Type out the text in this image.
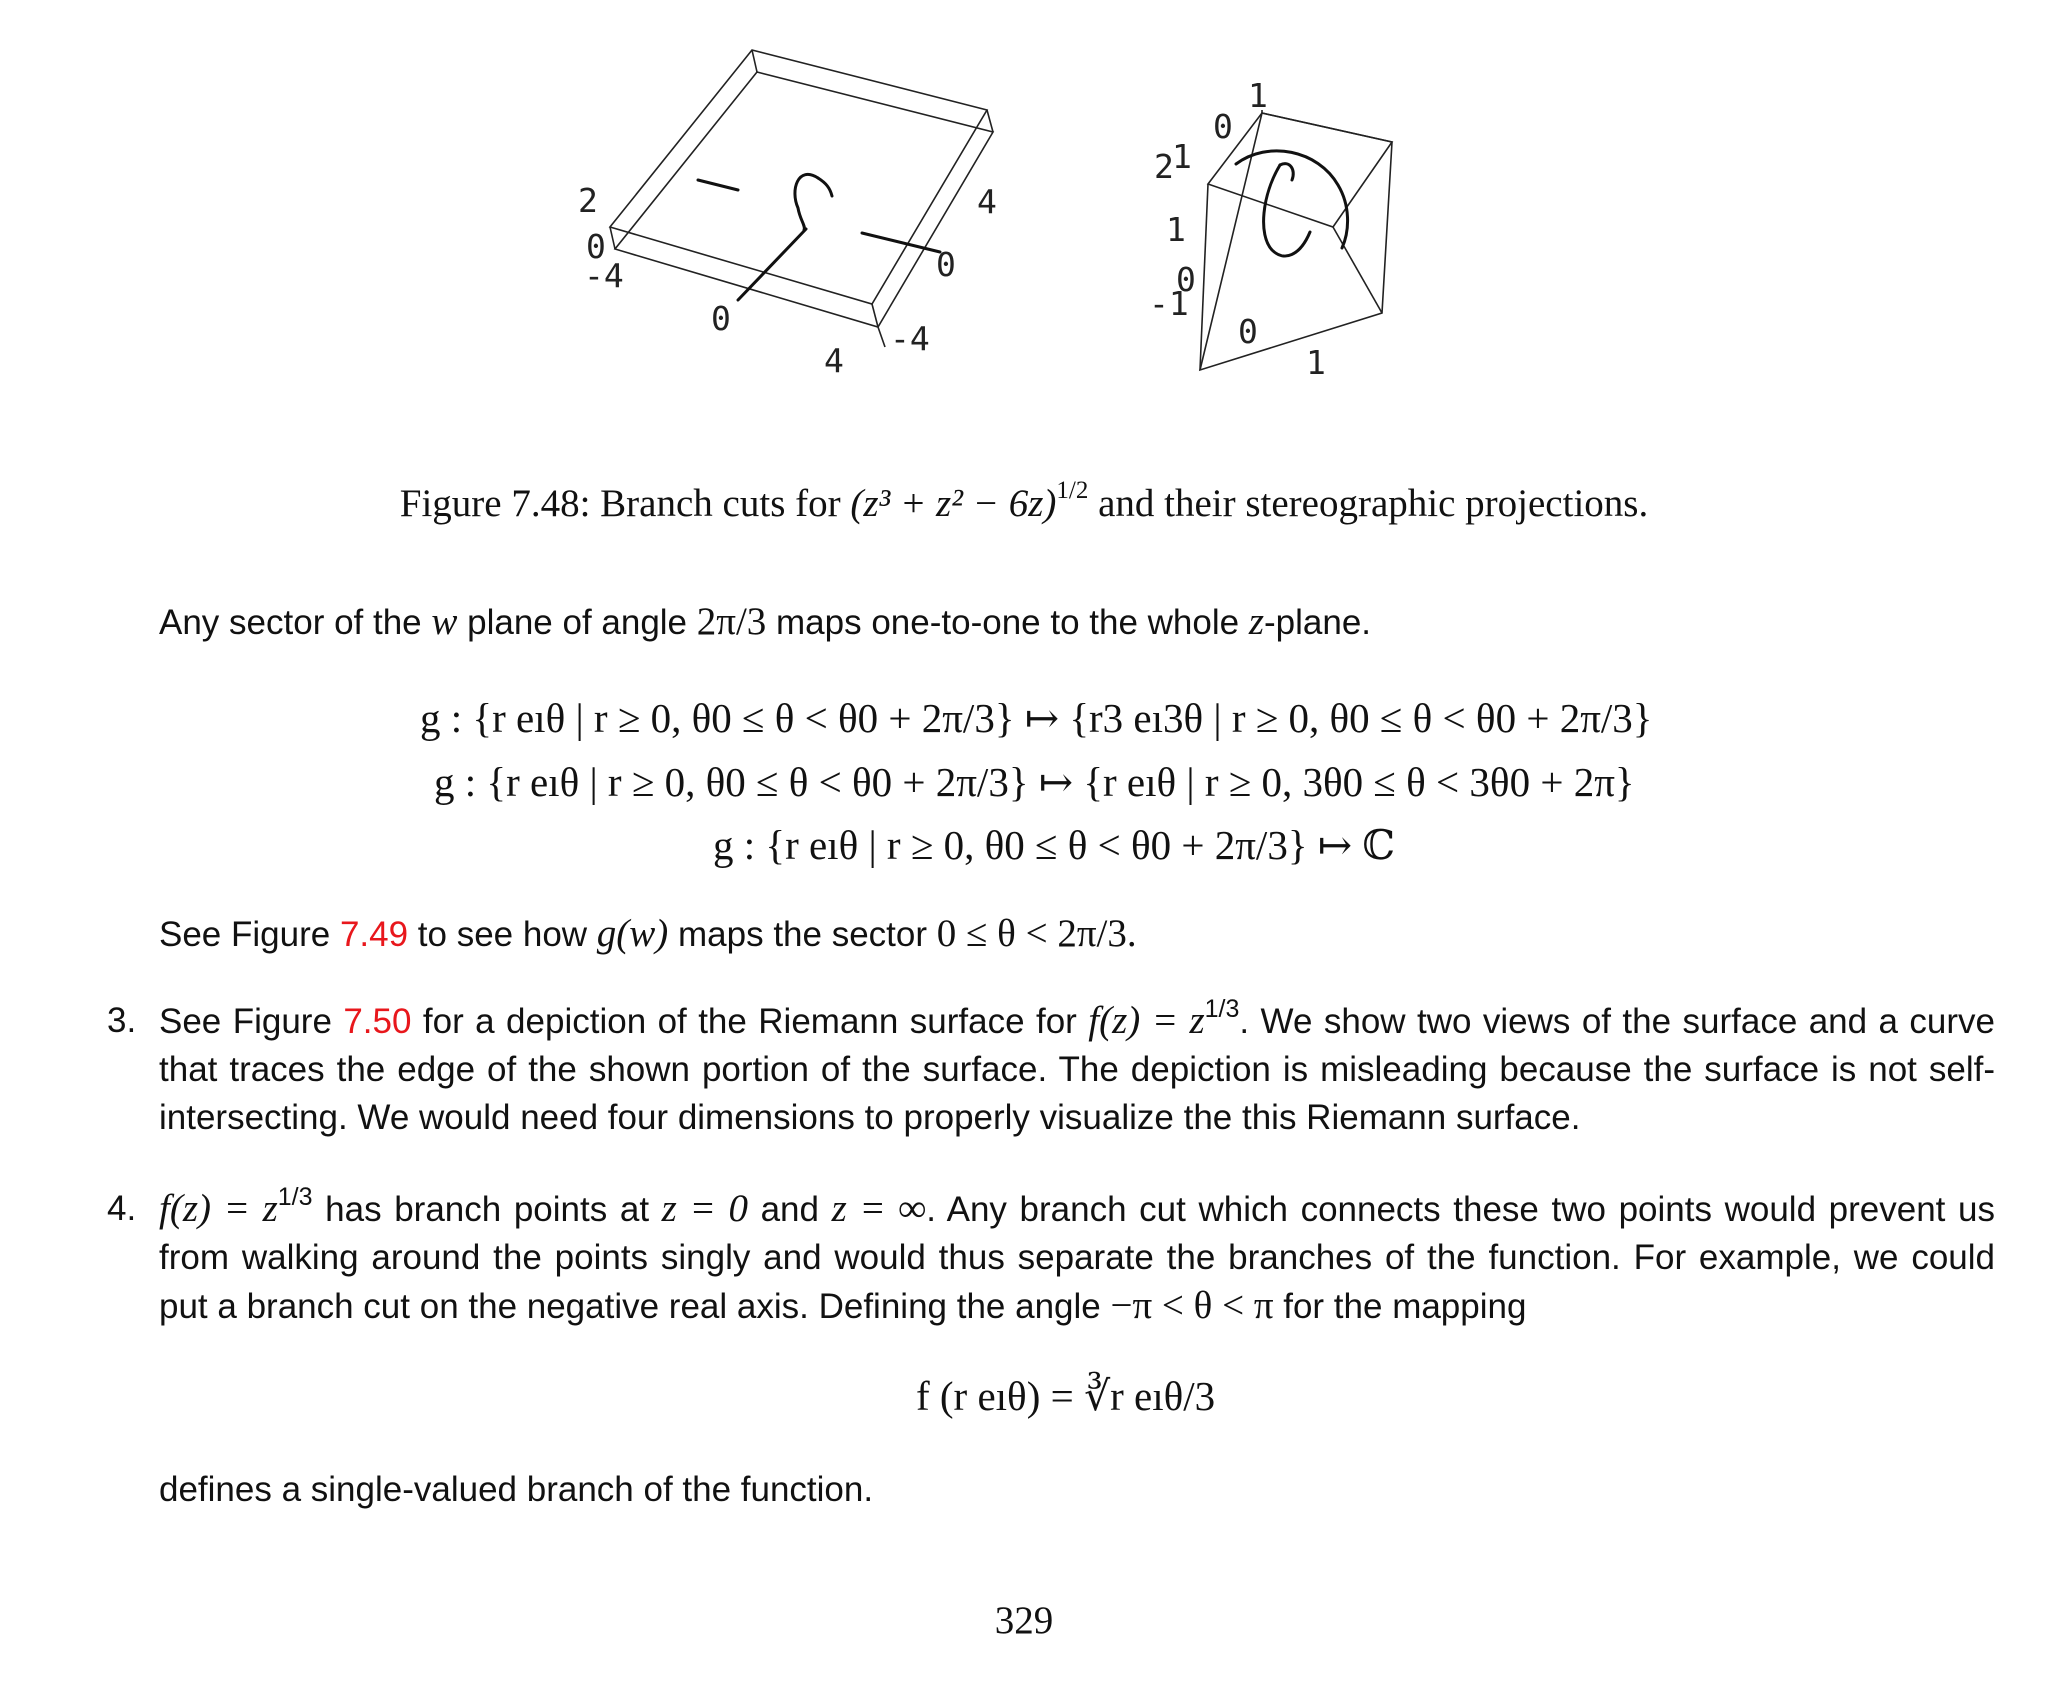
2
0
-4
0
4
-4
0
4
0
1
2
1
1
0
-1
0
1
Figure 7.48: Branch cuts for $(z^3 + z^2 - 6z)^{1/2}$ and their stereographic projections.
Any sector of the w plane of angle 2π/3 maps one-to-one to the whole z-plane.
g : {r eıθ | r ≥ 0, θ0 ≤ θ < θ0 + 2π/3} ↦ {r3 eı3θ | r ≥ 0, θ0 ≤ θ < θ0 + 2π/3}
g : {r eıθ | r ≥ 0, θ0 ≤ θ < θ0 + 2π/3} ↦ {r eıθ | r ≥ 0, 3θ0 ≤ θ < 3θ0 + 2π}
g : {r eıθ | r ≥ 0, θ0 ≤ θ < θ0 + 2π/3} ↦ ℂ
See Figure 7.49 to see how g(w) maps the sector 0 ≤ θ < 2π/3.
3. See Figure 7.50 for a depiction of the Riemann surface for $f(z) = z^{1/3}$. We show two views of the surface and a curve that traces the edge of the shown portion of the surface. The depiction is misleading because the surface is not self-intersecting. We would need four dimensions to properly visualize the this Riemann surface.
4. $f(z) = z^{1/3}$ has branch points at z = 0 and z = ∞. Any branch cut which connects these two points would prevent us from walking around the points singly and would thus separate the branches of the function. For example, we could put a branch cut on the negative real axis. Defining the angle −π < θ < π for the mapping
f (r eıθ) = ∛r eıθ/3
defines a single-valued branch of the function.
329
